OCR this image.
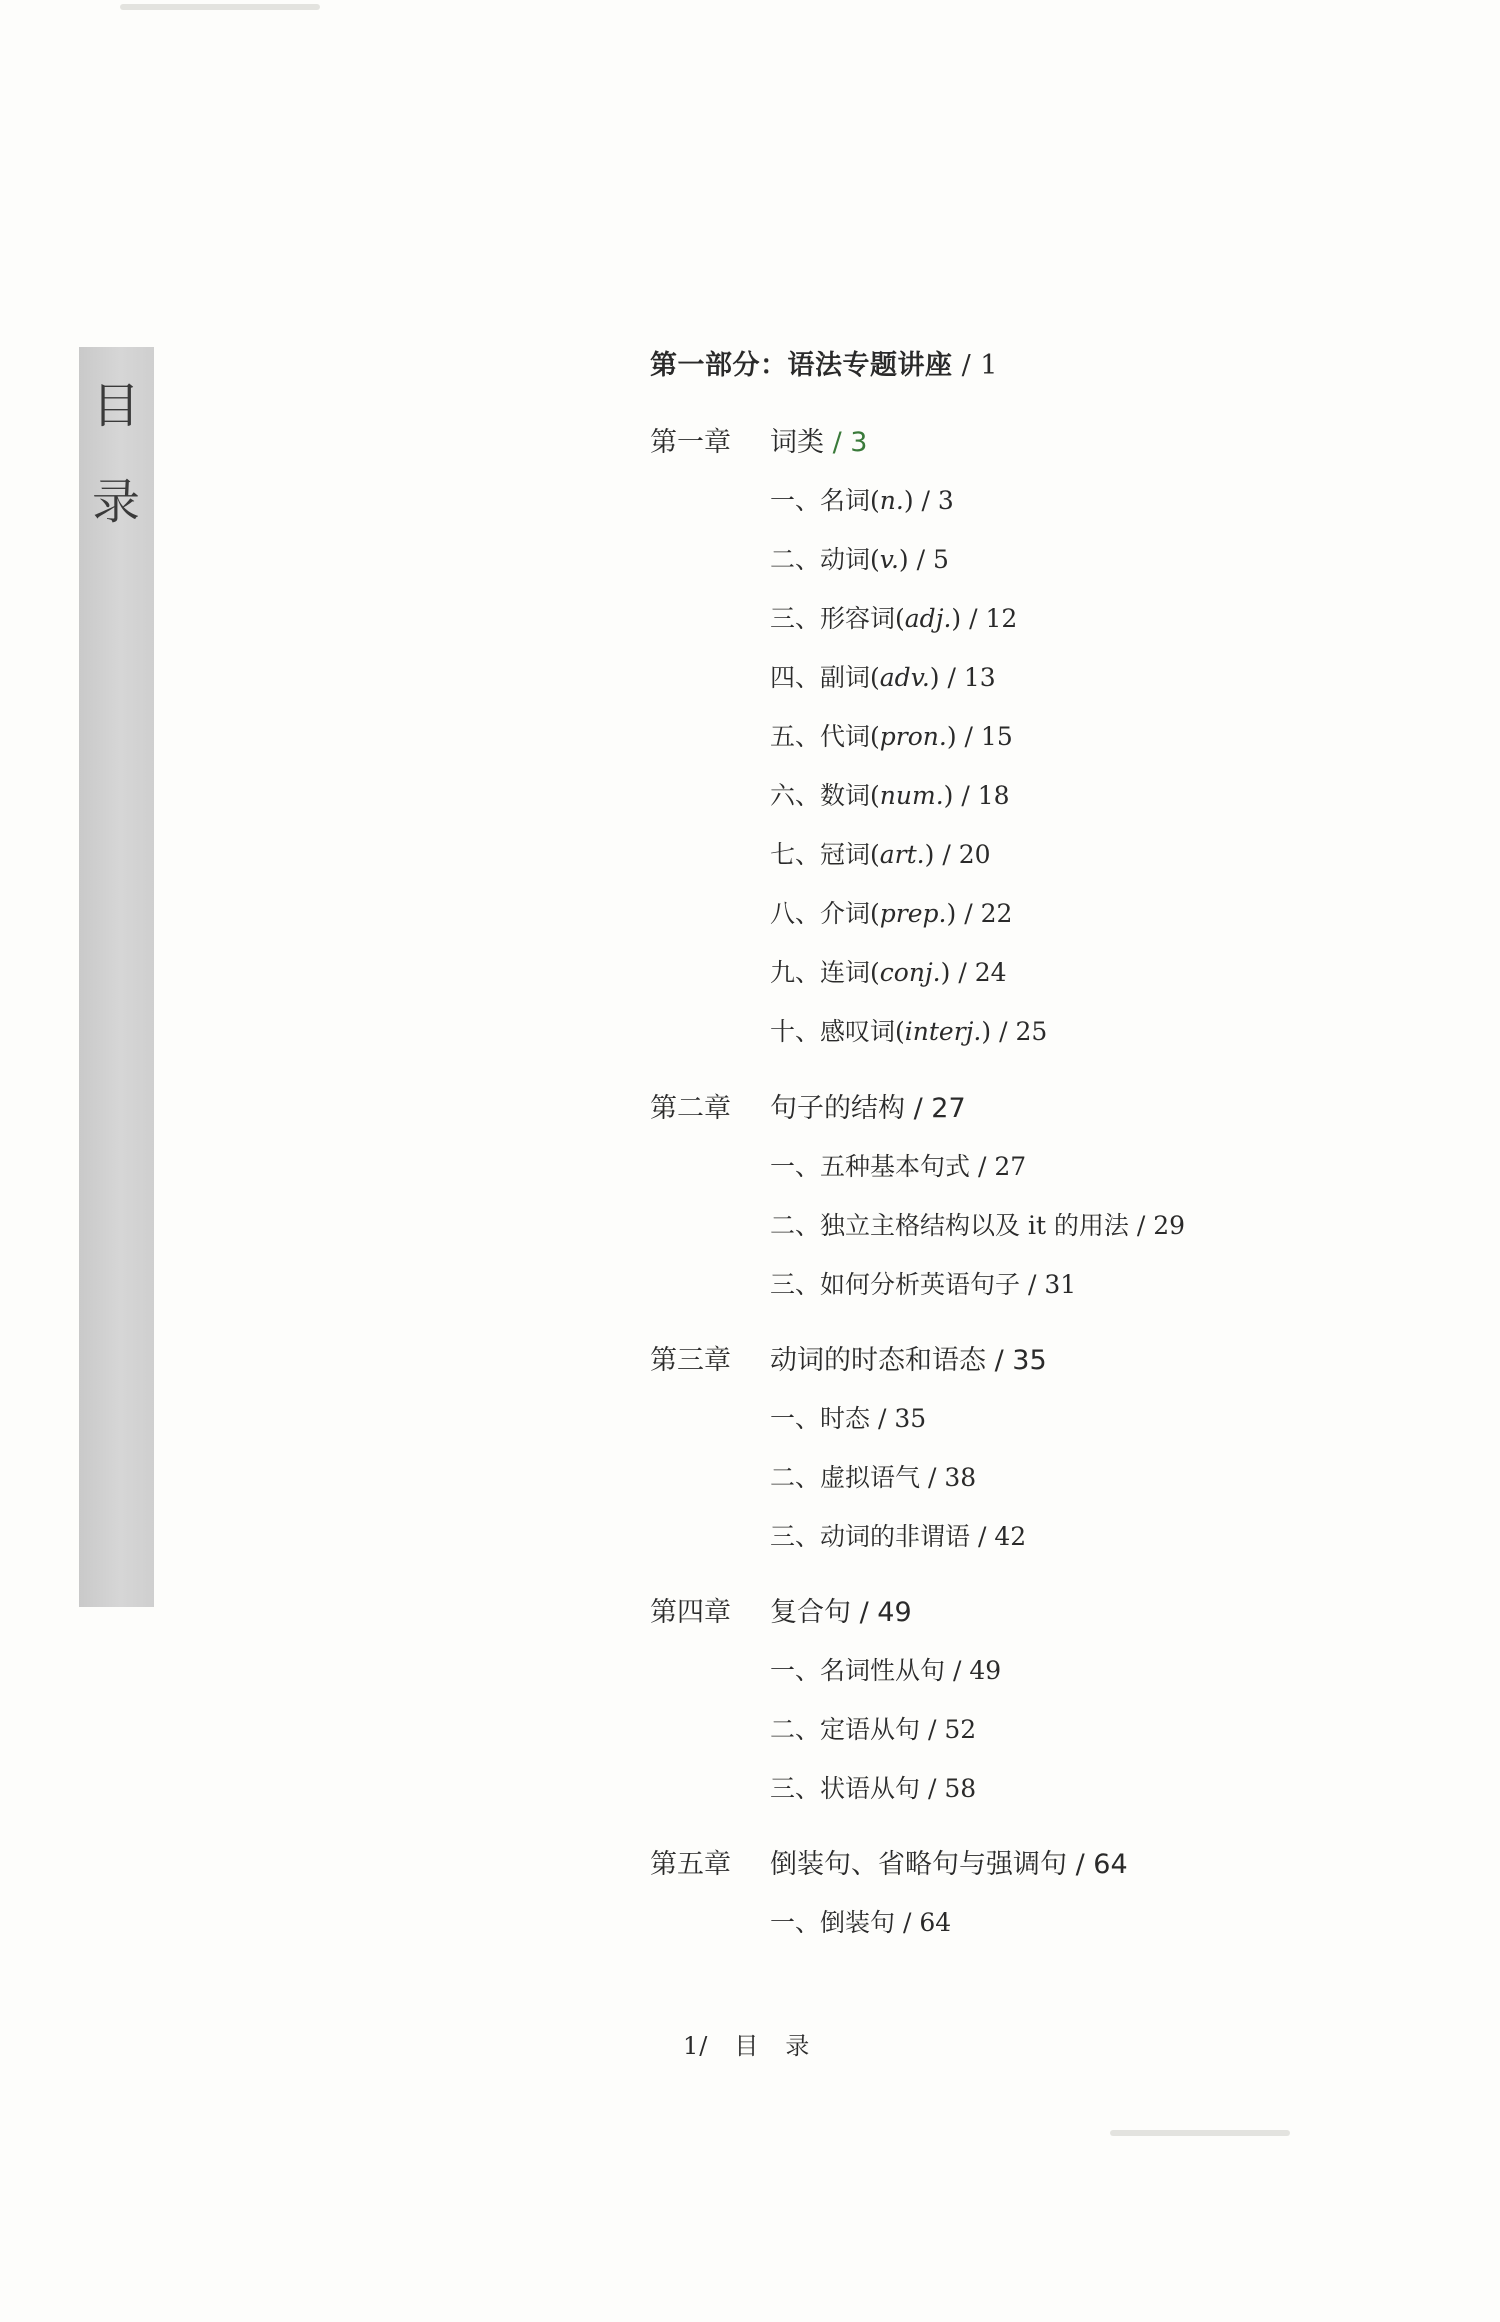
目
录
第一部分：语法专题讲座 / 1
第一章 词类 / 3
一、名词(n.) / 3
二、动词(v.) / 5
三、形容词(adj.) / 12
四、副词(adv.) / 13
五、代词(pron.) / 15
六、数词(num.) / 18
七、冠词(art.) / 20
八、介词(prep.) / 22
九、连词(conj.) / 24
十、感叹词(interj.) / 25
第二章 句子的结构 / 27
一、五种基本句式 / 27
二、独立主格结构以及 it 的用法 / 29
三、如何分析英语句子 / 31
第三章 动词的时态和语态 / 35
一、时态 / 35
二、虚拟语气 / 38
三、动词的非谓语 / 42
第四章 复合句 / 49
一、名词性从句 / 49
二、定语从句 / 52
三、状语从句 / 58
第五章 倒装句、省略句与强调句 / 64
一、倒装句 / 64
1/ 目 录
